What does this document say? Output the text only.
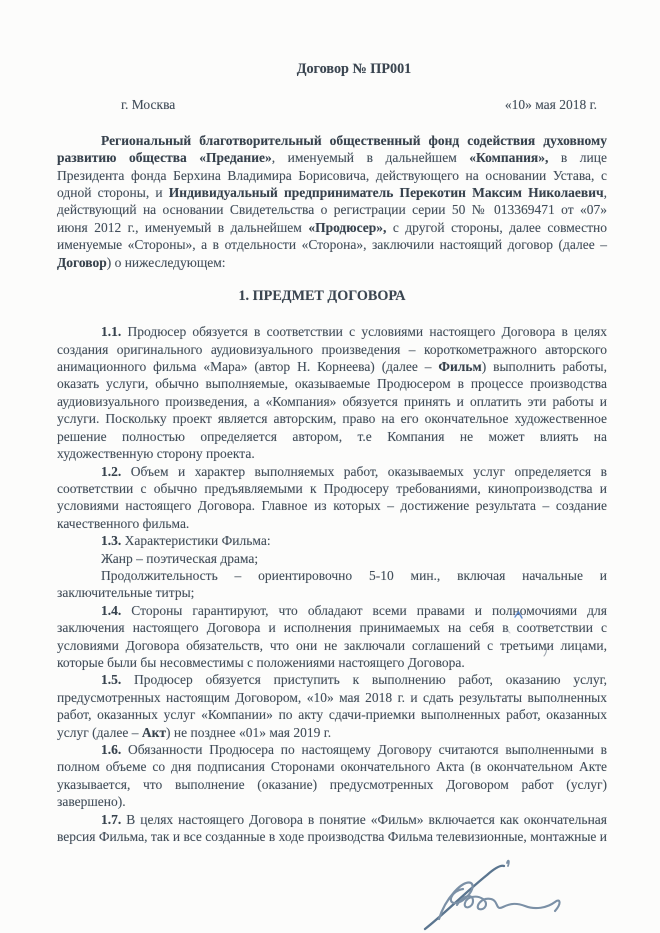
Договор № ПР001
г. Москва	«10» мая 2018 г.
Региональный благотворительный общественный фонд содействия духовному
развитию общества «Предание», именуемый в дальнейшем «Компания», в лице
Президента фонда Берхина Владимира Борисовича, действующего на основании Устава, с
одной стороны, и Индивидуальный предприниматель Перекотин Максим Николаевич,
действующий на основании Свидетельства о регистрации серии 50 № 013369471 от «07»
июня 2012 г., именуемый в дальнейшем «Продюсер», с другой стороны, далее совместно
именуемые «Стороны», а в отдельности «Сторона», заключили настоящий договор (далее –
Договор) о нижеследующем:
1. ПРЕДМЕТ ДОГОВОРА
1.1. Продюсер обязуется в соответствии с условиями настоящего Договора в целях
создания оригинального аудиовизуального произведения – короткометражного авторского
анимационного фильма «Мара» (автор Н. Корнеева) (далее – Фильм) выполнить работы,
оказать услуги, обычно выполняемые, оказываемые Продюсером в процессе производства
аудиовизуального произведения, а «Компания» обязуется принять и оплатить эти работы и
услуги. Поскольку проект является авторским, право на его окончательное художественное
решение полностью определяется автором, т.е Компания не может влиять на
художественную сторону проекта.
1.2. Объем и характер выполняемых работ, оказываемых услуг определяется в
соответствии с обычно предъявляемыми к Продюсеру требованиями, кинопроизводства и
условиями настоящего Договора. Главное из которых – достижение результата – создание
качественного фильма.
1.3. Характеристики Фильма:
Жанр – поэтическая драма;
Продолжительность – ориентировочно 5-10 мин., включая начальные и
заключительные титры;
1.4. Стороны гарантируют, что обладают всеми правами и полномочиями для
заключения настоящего Договора и исполнения принимаемых на себя в соответствии с
условиями Договора обязательств, что они не заключали соглашений с третьими лицами,
которые были бы несовместимы с положениями настоящего Договора.
1.5. Продюсер обязуется приступить к выполнению работ, оказанию услуг,
предусмотренных настоящим Договором, «10» мая 2018 г. и сдать результаты выполненных
работ, оказанных услуг «Компании» по акту сдачи-приемки выполненных работ, оказанных
услуг (далее – Акт) не позднее «01» мая 2019 г.
1.6. Обязанности Продюсера по настоящему Договору считаются выполненными в
полном объеме со дня подписания Сторонами окончательного Акта (в окончательном Акте
указывается, что выполнение (оказание) предусмотренных Договором работ (услуг)
завершено).
1.7. В целях настоящего Договора в понятие «Фильм» включается как окончательная
версия Фильма, так и все созданные в ходе производства Фильма телевизионные, монтажные и
